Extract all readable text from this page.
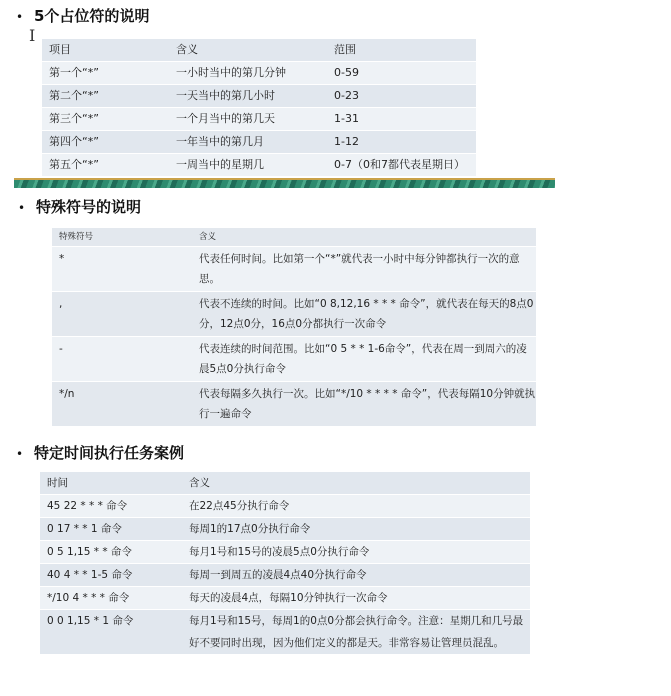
• 5个占位符的说明
I
项目	含义	范围
第一个“*”	一小时当中的第几分钟	0-59
第二个“*”	一天当中的第几小时	0-23
第三个“*”	一个月当中的第几天	1-31
第四个“*”	一年当中的第几月	1-12
第五个“*”	一周当中的星期几	0-7（0和7都代表星期日）
• 特殊符号的说明
特殊符号	含义
*	代表任何时间。比如第一个“*”就代表一小时中每分钟都执行一次的意思。
,	代表不连续的时间。比如“0 8,12,16 * * * 命令”，就代表在每天的8点0分，12点0分，16点0分都执行一次命令
-	代表连续的时间范围。比如“0 5 * * 1-6命令”，代表在周一到周六的凌晨5点0分执行命令
*/n	代表每隔多久执行一次。比如“*/10 * * * * 命令”，代表每隔10分钟就执行一遍命令
• 特定时间执行任务案例
时间	含义
45 22 * * * 命令	在22点45分执行命令
0 17 * * 1 命令	每周1的17点0分执行命令
0 5 1,15 * * 命令	每月1号和15号的凌晨5点0分执行命令
40 4 * * 1-5 命令	每周一到周五的凌晨4点40分执行命令
*/10 4 * * * 命令	每天的凌晨4点，每隔10分钟执行一次命令
0 0 1,15 * 1 命令	每月1号和15号，每周1的0点0分都会执行命令。注意：星期几和几号最好不要同时出现，因为他们定义的都是天。非常容易让管理员混乱。
